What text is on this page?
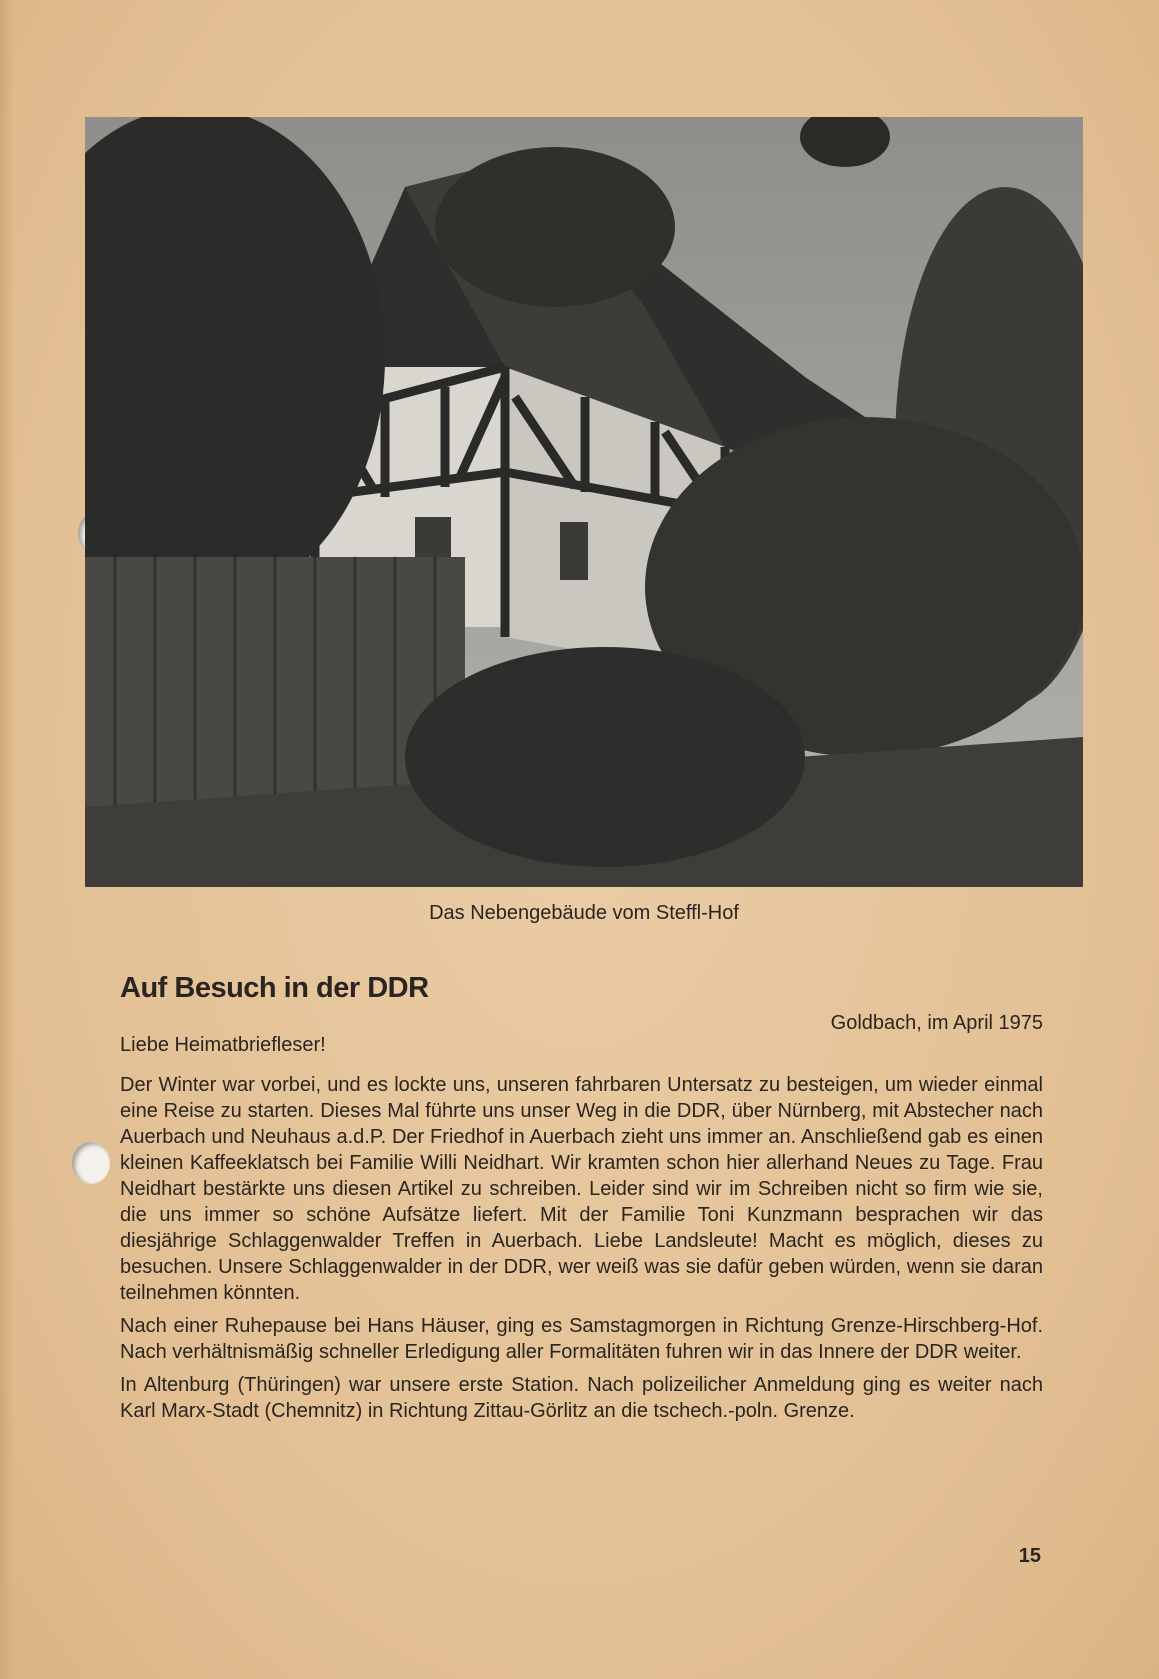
Das Nebengebäude vom Steffl-Hof
Auf Besuch in der DDR
Goldbach, im April 1975
Liebe Heimatbriefleser!

Der Winter war vorbei, und es lockte uns, unseren fahrbaren Untersatz zu besteigen, um wieder einmal eine Reise zu starten. Dieses Mal führte uns unser Weg in die DDR, über Nürnberg, mit Abstecher nach Auerbach und Neuhaus a.d.P. Der Friedhof in Auerbach zieht uns immer an. Anschließend gab es einen kleinen Kaffeeklatsch bei Familie Willi Neidhart. Wir kramten schon hier allerhand Neues zu Tage. Frau Neidhart bestärkte uns diesen Artikel zu schreiben. Leider sind wir im Schreiben nicht so firm wie sie, die uns immer so schöne Aufsätze liefert. Mit der Familie Toni Kunzmann besprachen wir das diesjährige Schlaggenwalder Treffen in Auerbach. Liebe Landsleute! Macht es möglich, dieses zu besuchen. Unsere Schlaggenwalder in der DDR, wer weiß was sie dafür geben würden, wenn sie daran teilnehmen könnten.

Nach einer Ruhepause bei Hans Häuser, ging es Samstagmorgen in Richtung Grenze-Hirschberg-Hof. Nach verhältnismäßig schneller Erledigung aller Formalitäten fuhren wir in das Innere der DDR weiter.

In Altenburg (Thüringen) war unsere erste Station. Nach polizeilicher Anmeldung ging es weiter nach Karl Marx-Stadt (Chemnitz) in Richtung Zittau-Görlitz an die tschech.-poln. Grenze.

15
